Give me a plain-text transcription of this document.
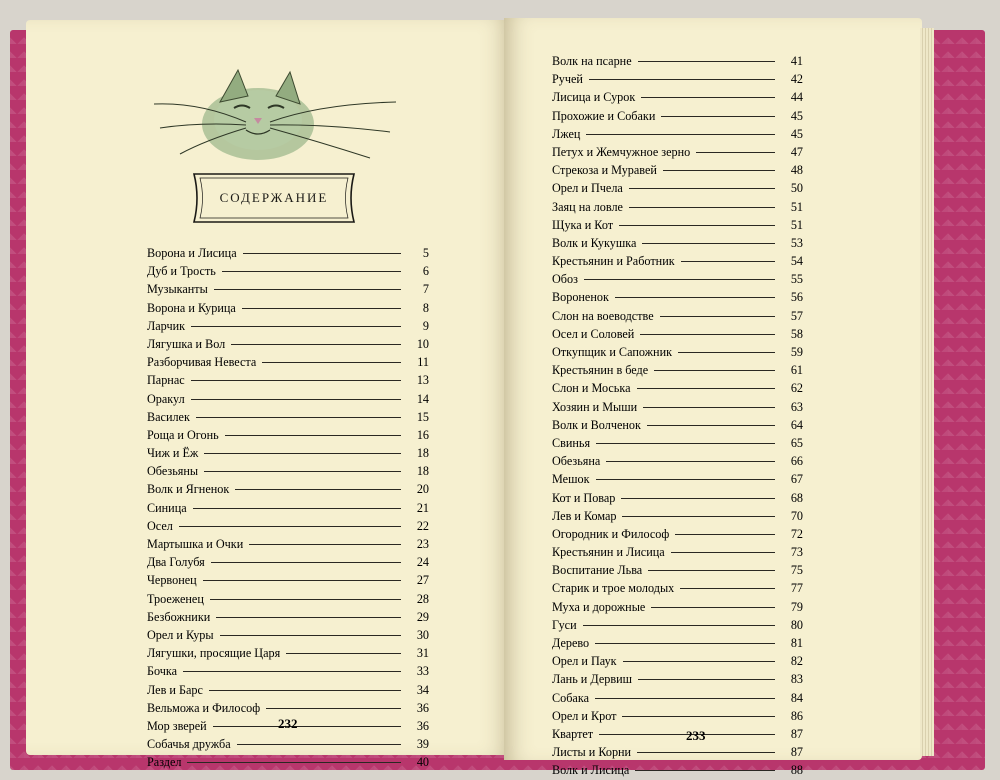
СОДЕРЖАНИЕ
Ворона и Лисица	5
Дуб и Трость	6
Музыканты	7
Ворона и Курица	8
Ларчик	9
Лягушка и Вол	10
Разборчивая Невеста	11
Парнас	13
Оракул	14
Василек	15
Роща и Огонь	16
Чиж и Ёж	18
Обезьяны	18
Волк и Ягненок	20
Синица	21
Осел	22
Мартышка и Очки	23
Два Голубя	24
Червонец	27
Троеженец	28
Безбожники	29
Орел и Куры	30
Лягушки, просящие Царя	31
Бочка	33
Лев и Барс	34
Вельможа и Философ	36
Мор зверей	36
Собачья дружба	39
Раздел	40
Волк на псарне	41
Ручей	42
Лисица и Сурок	44
Прохожие и Собаки	45
Лжец	45
Петух и Жемчужное зерно	47
Стрекоза и Муравей	48
Орел и Пчела	50
Заяц на ловле	51
Щука и Кот	51
Волк и Кукушка	53
Крестьянин и Работник	54
Обоз	55
Вороненок	56
Слон на воеводстве	57
Осел и Соловей	58
Откупщик и Сапожник	59
Крестьянин в беде	61
Слон и Моська	62
Хозяин и Мыши	63
Волк и Волченок	64
Свинья	65
Обезьяна	66
Мешок	67
Кот и Повар	68
Лев и Комар	70
Огородник и Философ	72
Крестьянин и Лисица	73
Воспитание Льва	75
Старик и трое молодых	77
Муха и дорожные	79
Гуси	80
Дерево	81
Орел и Паук	82
Лань и Дервиш	83
Собака	84
Орел и Крот	86
Квартет	87
Листы и Корни	87
Волк и Лисица	88
232
233
